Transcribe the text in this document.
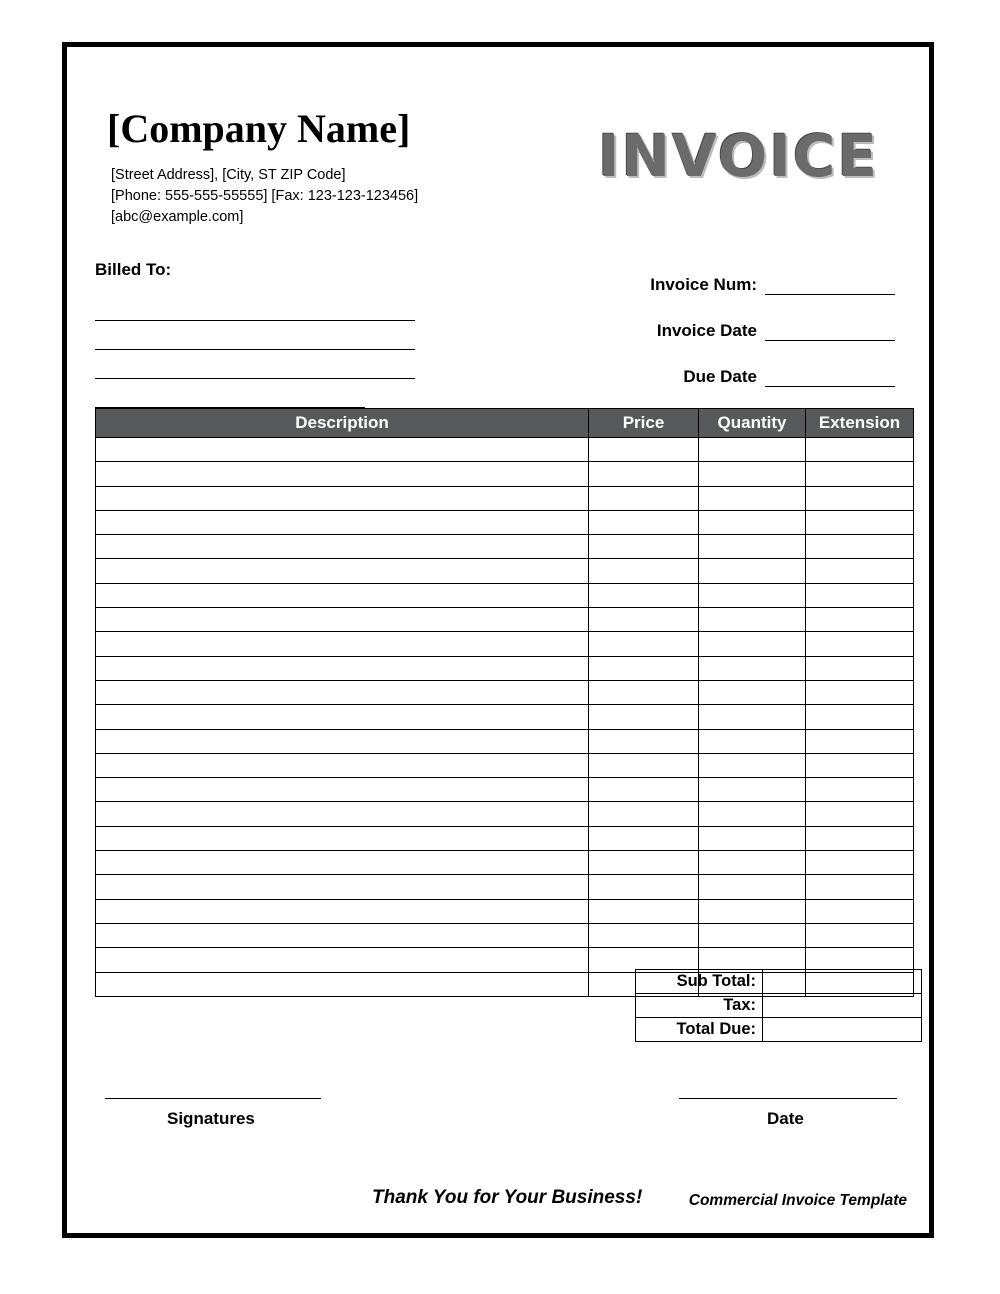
[Company Name]
[Street Address], [City, ST ZIP Code]
[Phone: 555-555-55555] [Fax: 123-123-123456]
[abc@example.com]
INVOICE
Billed To:
Invoice Num:
Invoice Date
Due Date
Description	Price	Quantity	Extension

Sub Total:	
Tax:	
Total Due:	
Signatures	Date
Thank You for Your Business!	Commercial Invoice Template
